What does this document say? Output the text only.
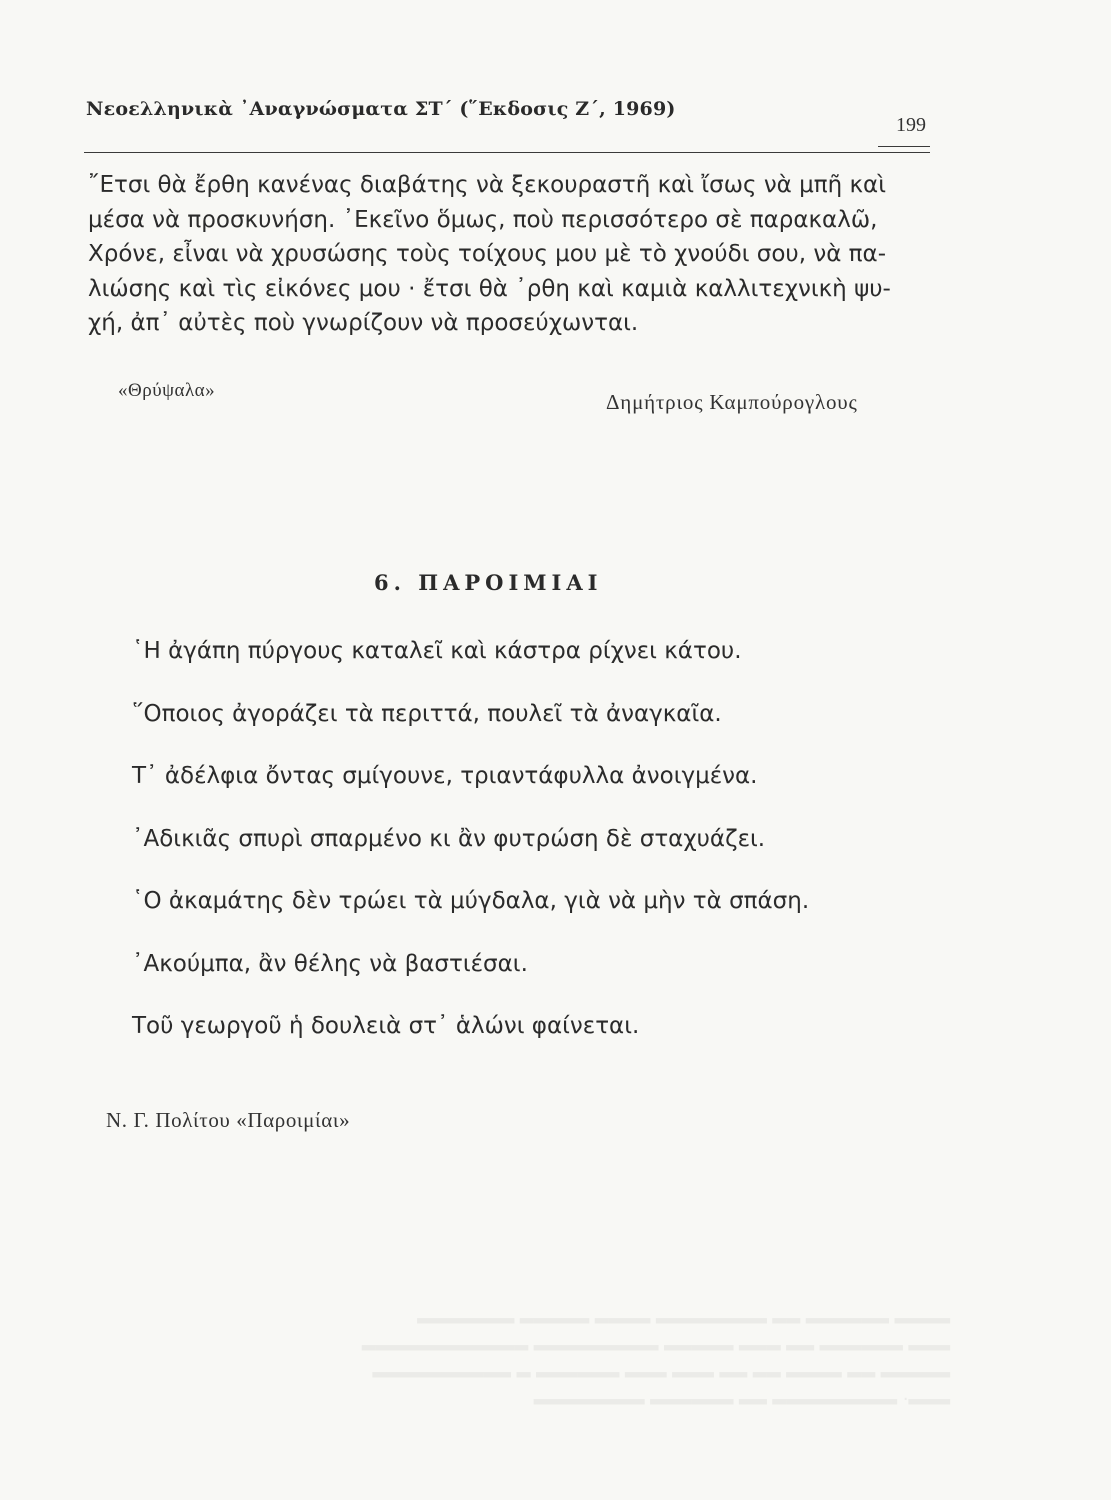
Νεοελληνικὰ ᾿Αναγνώσματα ΣΤ΄ (῞Εκδοσις Ζ΄, 1969)
199
῎Ετσι θὰ ἔρθη κανένας διαβάτης νὰ ξεκουραστῆ καὶ ἴσως νὰ μπῆ καὶ
μέσα νὰ προσκυνήση. ᾿Εκεῖνο ὅμως, ποὺ περισσότερο σὲ παρακαλῶ,
Χρόνε, εἶναι νὰ χρυσώσης τοὺς τοίχους μου μὲ τὸ χνούδι σου, νὰ πα-
λιώσης καὶ τὶς εἰκόνες μου · ἔτσι θὰ ᾿ρθη καὶ καμιὰ καλλιτεχνικὴ ψυ-
χή, ἀπ᾿ αὐτὲς ποὺ γνωρίζουν νὰ προσεύχωνται.
«Θρύψαλα»	Δημήτριος Καμπούρογλους
6. ΠΑΡΟΙΜΙΑΙ
῾Η ἀγάπη πύργους καταλεῖ καὶ κάστρα ρίχνει κάτου.
῞Οποιος ἀγοράζει τὰ περιττά, πουλεῖ τὰ ἀναγκαῖα.
Τ᾿ ἀδέλφια ὄντας σμίγουνε, τριαντάφυλλα ἀνοιγμένα.
᾿Αδικιᾶς σπυρὶ σπαρμένο κι ἂν φυτρώση δὲ σταχυάζει.
῾Ο ἀκαμάτης δὲν τρώει τὰ μύγδαλα, γιὰ νὰ μὴν τὰ σπάση.
᾿Ακούμπα, ἂν θέλης νὰ βαστιέσαι.
Τοῦ γεωργοῦ ἡ δουλειὰ στ᾿ ἁλώνι φαίνεται.
Ν. Γ. Πολίτου «Παροιμίαι»
▂▂▂▂ ▂▂▂▂▂▂ ▂▂ ▂▂▂▂▂▂▂▂ ▂▂▂▂ ▂▂▂▂▂ ▂▂▂▂▂▂▂
▂▂▂ ▂▂▂▂▂▂ ▂▂ ▂▂▂ ▂▂▂▂▂ ▂▂▂▂▂▂▂▂▂ ▂▂▂▂▂▂▂▂▂▂▂▂
▂▂▂▂▂ ▂▂ ▂▂▂▂ ▂▂ ▂▂ ▂▂▂ ▂▂▂ ▂▂▂▂▂▂ ▂ ▂▂▂▂▂▂▂▂▂▂
▂▂▂. ▂▂▂▂▂▂▂▂▂ ▂▂ ▂▂▂▂▂▂ ▂▂▂▂▂▂▂▂
